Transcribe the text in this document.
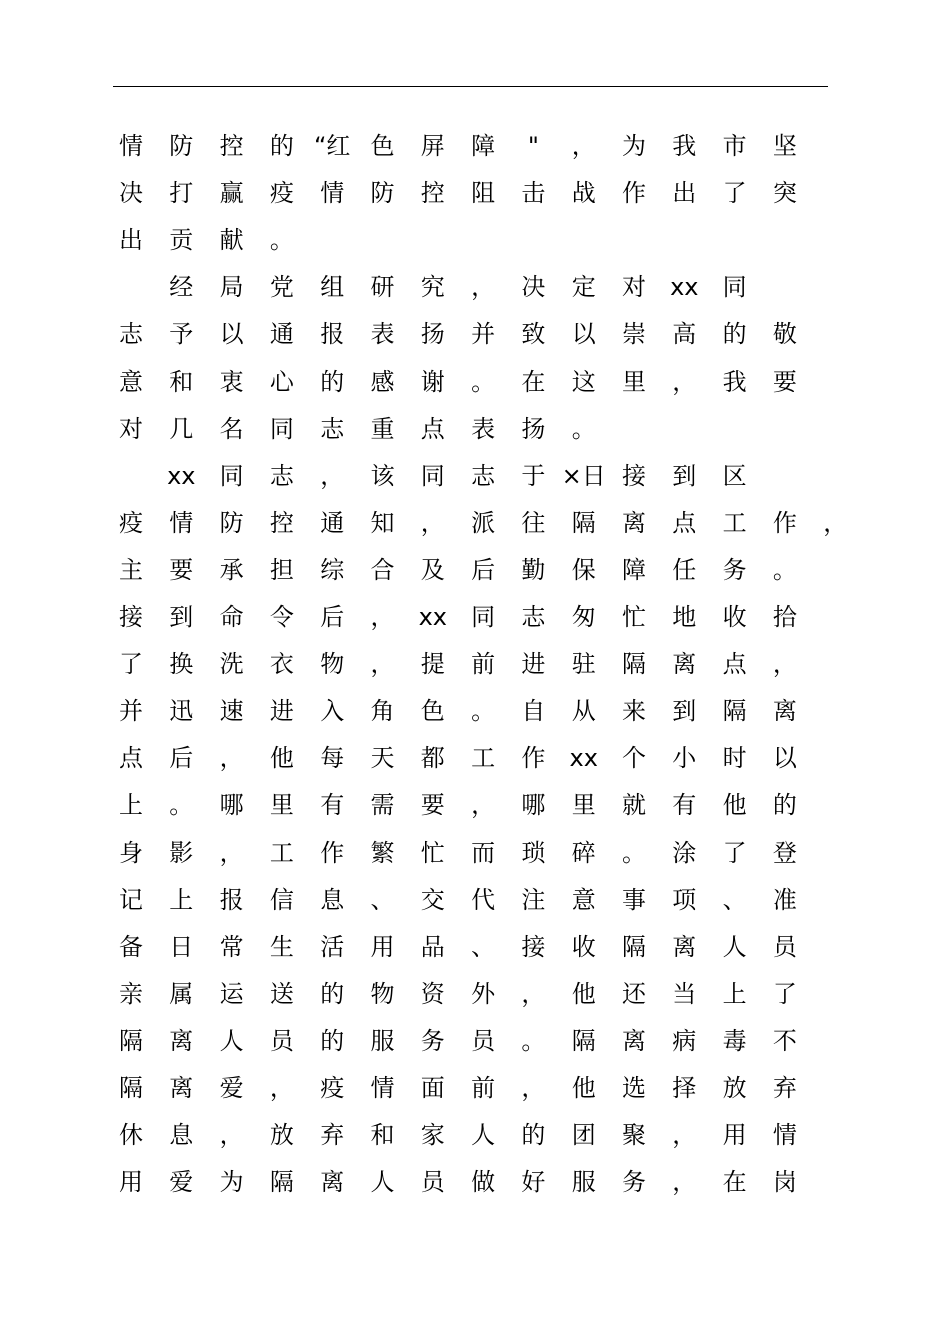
情	防	控	的 “红 色	屏	障	"	，	为	我	市	坚
决	打	赢	疫	情	防	控	阻	击	战	作	出	了	突
出	贡	献	。
经	局	党	组	研	究	，	决	定	对	xx	同
志	予	以	通	报	表	扬	并	致	以	崇	高	的	敬
意	和	衷	心	的	感	谢	。	在	这	里	，	我	要
对	几	名	同	志	重	点	表	扬	。
xx	同	志	，	该	同	志	于 ×日 接	到	区
疫	情	防	控	通	知	，	派	往	隔	离	点	工	作	，
主	要	承	担	综	合	及	后	勤	保	障	任	务	。
接	到	命	令	后	，	xx	同	志	匆	忙	地	收	拾
了	换	洗	衣	物	，	提	前	进	驻	隔	离	点	，
并	迅	速	进	入	角	色	。	自	从	来	到	隔	离
点	后	，	他	每	天	都	工	作	xx	个	小	时	以
上	。	哪	里	有	需	要	，	哪	里	就	有	他	的
身	影	，	工	作	繁	忙	而	琐	碎	。	涂	了	登
记	上	报	信	息	、	交	代	注	意	事	项	、	准
备	日	常	生	活	用	品	、	接	收	隔	离	人	员
亲	属	运	送	的	物	资	外	，	他	还	当	上	了
隔	离	人	员	的	服	务	员	。	隔	离	病	毒	不
隔	离	爱	，	疫	情	面	前	，	他	选	择	放	弃
休	息	，	放	弃	和	家	人	的	团	聚	，	用	情
用	爱	为	隔	离	人	员	做	好	服	务	，	在	岗
